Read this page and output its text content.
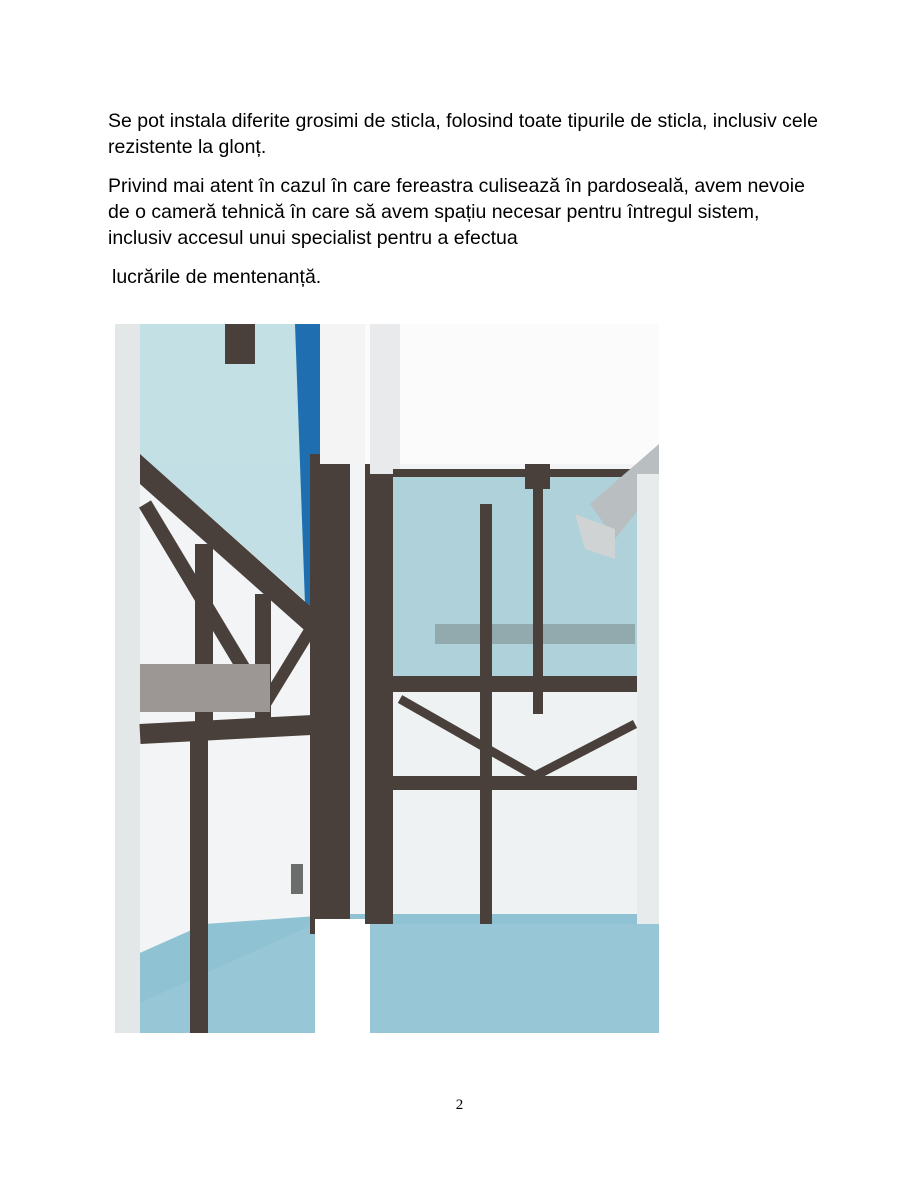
Se pot instala diferite grosimi de sticla, folosind toate tipurile de sticla, inclusiv cele rezistente la glonț.

Privind mai atent în cazul în care fereastra culisează în pardoseală, avem nevoie de o cameră tehnică în care să avem spațiu necesar pentru întregul sistem, inclusiv accesul unui specialist pentru a efectua

lucrările de mentenanță.

2
